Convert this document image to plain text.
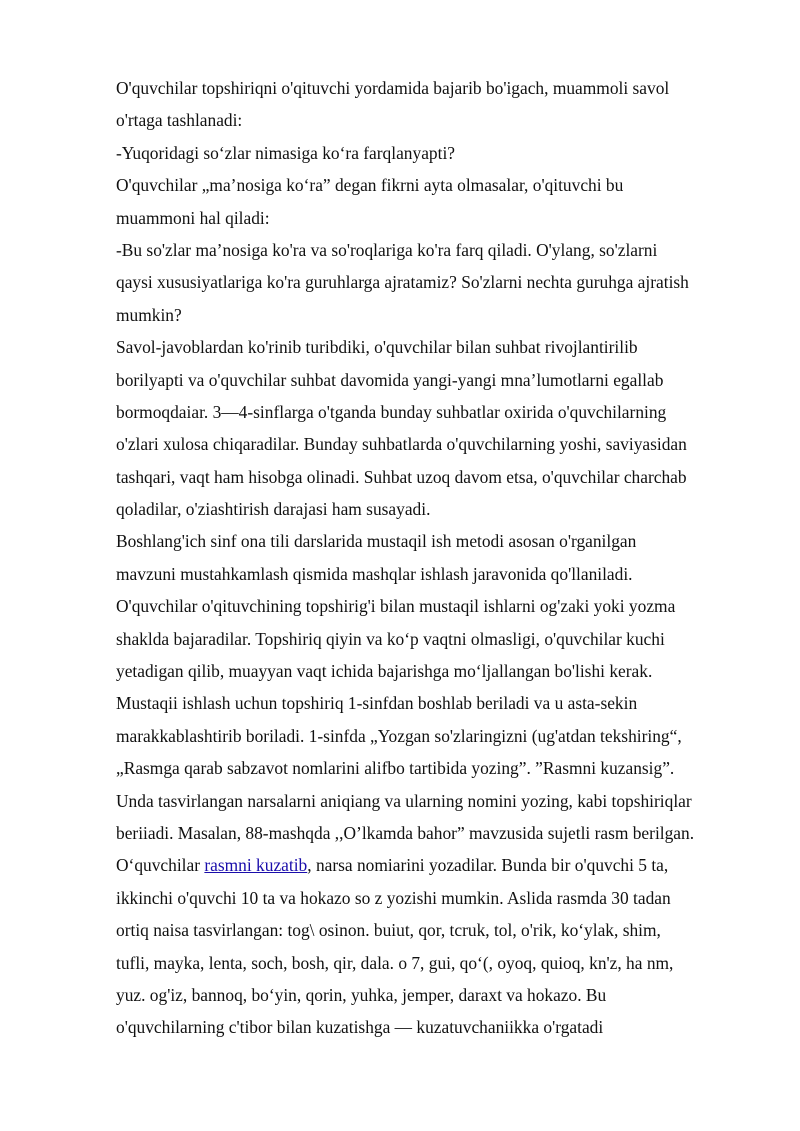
O'quvchilar topshiriqni o'qituvchi yordamida bajarib bo'igach, muammoli savol
o'rtaga tashlanadi:
-Yuqoridagi so‘zlar nimasiga ko‘ra farqlanyapti?
O'quvchilar „ma’nosiga ko‘ra” degan fikrni ayta olmasalar, o'qituvchi bu
muammoni hal qiladi:
-Bu so'zlar ma’nosiga ko'ra va so'roqlariga ko'ra farq qiladi. O'ylang, so'zlarni
qaysi xususiyatlariga ko'ra guruhlarga ajratamiz? So'zlarni nechta guruhga ajratish
mumkin?
Savol-javoblardan ko'rinib turibdiki, o'quvchilar bilan suhbat rivojlantirilib
borilyapti va o'quvchilar suhbat davomida yangi-yangi mna’lumotlarni egallab
bormoqdaiar. 3—4-sinflarga o'tganda bunday suhbatlar oxirida o'quvchilarning
o'zlari xulosa chiqaradilar. Bunday suhbatlarda o'quvchilarning yoshi, saviyasidan
tashqari, vaqt ham hisobga olinadi. Suhbat uzoq davom etsa, o'quvchilar charchab
qoladilar, o'ziashtirish darajasi ham susayadi.
Boshlang'ich sinf ona tili darslarida mustaqil ish metodi asosan o'rganilgan
mavzuni mustahkamlash qismida mashqlar ishlash jaravonida qo'llaniladi.
O'quvchilar o'qituvchining topshirig'i bilan mustaqil ishlarni og'zaki yoki yozma
shaklda bajaradilar. Topshiriq qiyin va ko‘p vaqtni olmasligi, o'quvchilar kuchi
yetadigan qilib, muayyan vaqt ichida bajarishga mo‘ljallangan bo'lishi kerak.
Mustaqii ishlash uchun topshiriq 1-sinfdan boshlab beriladi va u asta-sekin
marakkablashtirib boriladi. 1-sinfda „Yozgan so'zlaringizni (ug'atdan tekshiring“,
„Rasmga qarab sabzavot nomlarini alifbo tartibida yozing”. ”Rasmni kuzansig”.
Unda tasvirlangan narsalarni aniqiang va ularning nomini yozing, kabi topshiriqlar
beriiadi. Masalan, 88-mashqda ,,O’lkamda bahor” mavzusida sujetli rasm berilgan.
O‘quvchilar rasmni kuzatib, narsa nomiarini yozadilar. Bunda bir o'quvchi 5 ta,
ikkinchi o'quvchi 10 ta va hokazo so z yozishi mumkin. Aslida rasmda 30 tadan
ortiq naisa tasvirlangan: tog\ osinon. buiut, qor, tcruk, tol, o'rik, ko‘ylak, shim,
tufli, mayka, lenta, soch, bosh, qir, dala. o 7, gui, qo‘(, oyoq, quioq, kn'z, ha nm,
yuz. og'iz, bannoq, bo‘yin, qorin, yuhka, jemper, daraxt va hokazo. Bu
o'quvchilarning c'tibor bilan kuzatishga — kuzatuvchaniikka o'rgatadi
